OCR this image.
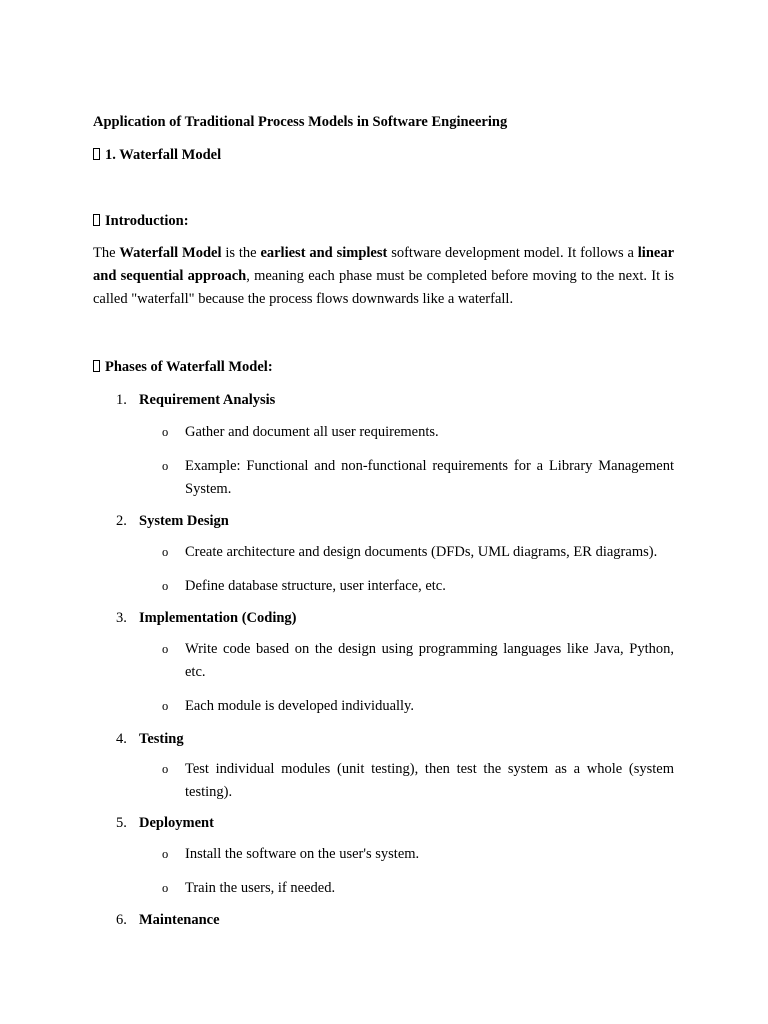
Application of Traditional Process Models in Software Engineering
1. Waterfall Model
Introduction:

The Waterfall Model is the earliest and simplest software development model. It follows a linear and sequential approach, meaning each phase must be completed before moving to the next. It is called "waterfall" because the process flows downwards like a waterfall.

Phases of Waterfall Model:
1. Requirement Analysis
o Gather and document all user requirements.
o Example: Functional and non-functional requirements for a Library Management System.
2. System Design
o Create architecture and design documents (DFDs, UML diagrams, ER diagrams).
o Define database structure, user interface, etc.
3. Implementation (Coding)
o Write code based on the design using programming languages like Java, Python, etc.
o Each module is developed individually.
4. Testing
o Test individual modules (unit testing), then test the system as a whole (system testing).
5. Deployment
o Install the software on the user's system.
o Train the users, if needed.
6. Maintenance
